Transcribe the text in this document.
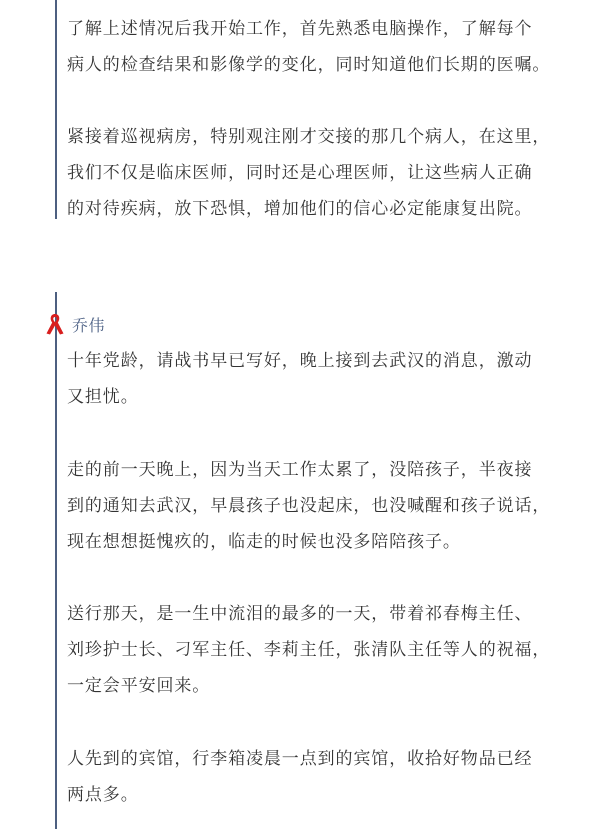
了解上述情况后我开始工作，首先熟悉电脑操作，了解每个
病人的检查结果和影像学的变化，同时知道他们长期的医嘱。

紧接着巡视病房，特别观注刚才交接的那几个病人，在这里，
我们不仅是临床医师，同时还是心理医师，让这些病人正确
的对待疾病，放下恐惧，增加他们的信心必定能康复出院。

乔伟

十年党龄，请战书早已写好，晚上接到去武汉的消息，激动
又担忧。

走的前一天晚上，因为当天工作太累了，没陪孩子，半夜接
到的通知去武汉，早晨孩子也没起床，也没喊醒和孩子说话，
现在想想挺愧疚的，临走的时候也没多陪陪孩子。

送行那天，是一生中流泪的最多的一天，带着祁春梅主任、
刘珍护士长、刁军主任、李莉主任，张清队主任等人的祝福，
一定会平安回来。

人先到的宾馆，行李箱凌晨一点到的宾馆，收拾好物品已经
两点多。
